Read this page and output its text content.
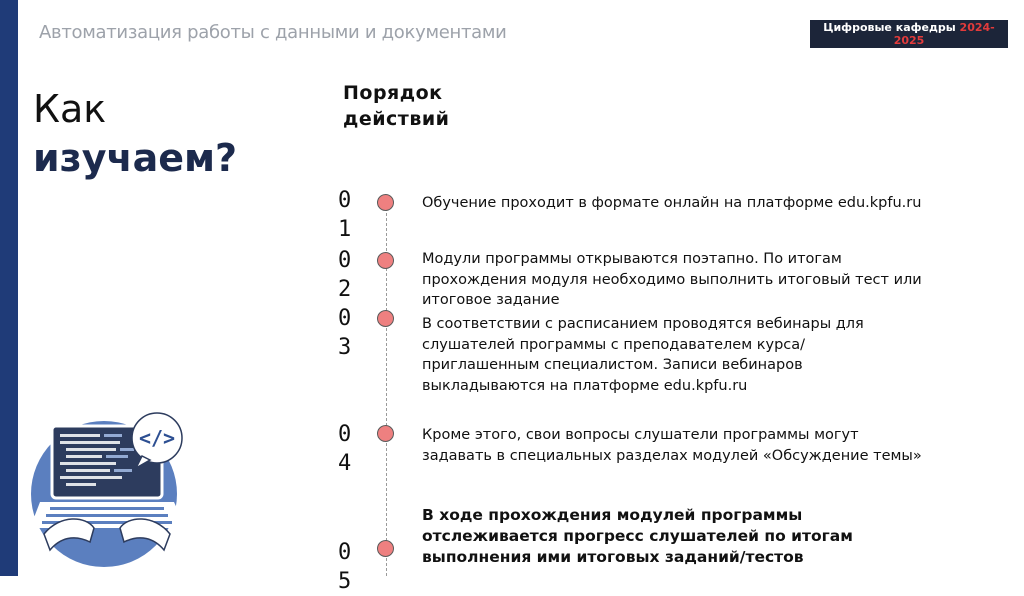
Автоматизация работы с данными и документами	Цифровые кафедры 2024-2025
Как
изучаем?
Порядок действий
01
Обучение проходит в формате онлайн на платформе edu.kpfu.ru
02
Модули программы открываются поэтапно. По итогам прохождения модуля необходимо выполнить итоговый тест или итоговое задание
03
В соответствии с расписанием проводятся вебинары для слушателей программы с преподавателем курса/приглашенным специалистом. Записи вебинаров выкладываются на платформе edu.kpfu.ru
04
Кроме этого, свои вопросы слушатели программы могут задавать в специальных разделах модулей «Обсуждение темы»
05
В ходе прохождения модулей программы отслеживается прогресс слушателей по итогам выполнения ими итоговых заданий/тестов
</>
